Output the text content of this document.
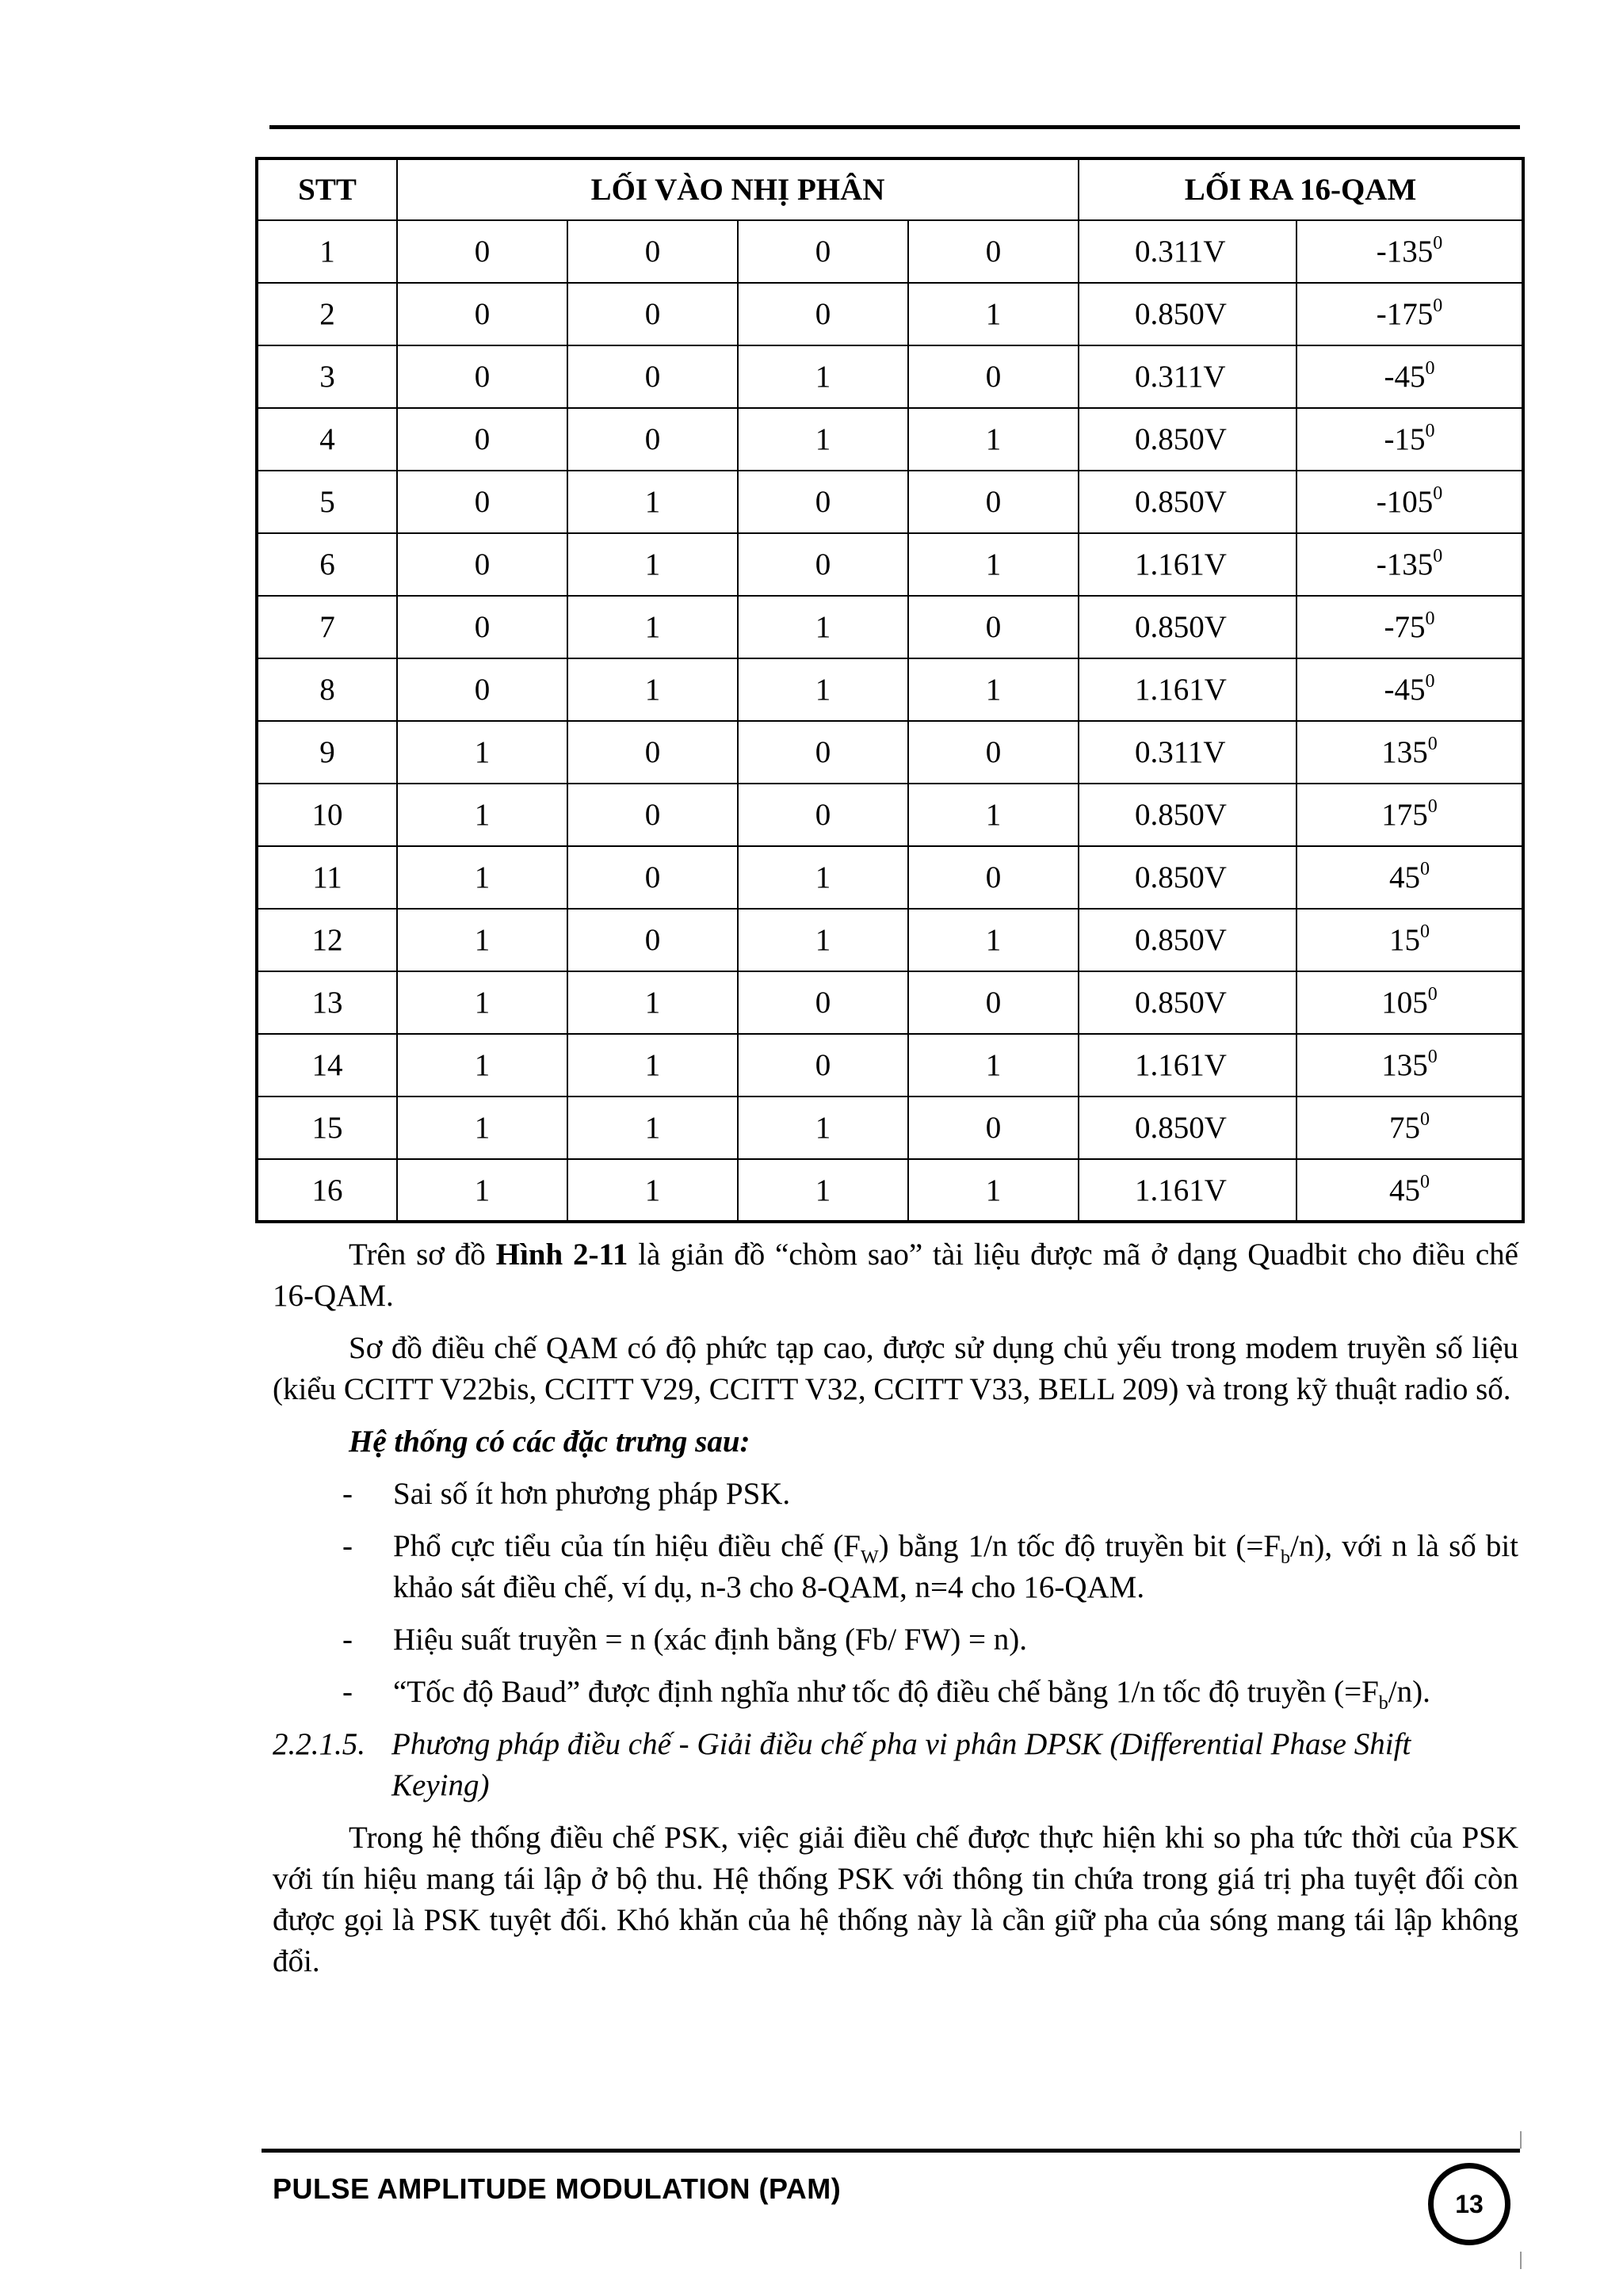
STT	LỐI VÀO NHỊ PHÂN				LỐI RA 16-QAM	
1	0	0	0	0	0.311V	$-135^0$
2	0	0	0	1	0.850V	$-175^0$
3	0	0	1	0	0.311V	$-45^0$
4	0	0	1	1	0.850V	$-15^0$
5	0	1	0	0	0.850V	$-105^0$
6	0	1	0	1	1.161V	$-135^0$
7	0	1	1	0	0.850V	$-75^0$
8	0	1	1	1	1.161V	$-45^0$
9	1	0	0	0	0.311V	$135^0$
10	1	0	0	1	0.850V	$175^0$
11	1	0	1	0	0.850V	$45^0$
12	1	0	1	1	0.850V	$15^0$
13	1	1	0	0	0.850V	$105^0$
14	1	1	0	1	1.161V	$135^0$
15	1	1	1	0	0.850V	$75^0$
16	1	1	1	1	1.161V	$45^0$

Trên sơ đồ Hình 2-11 là giản đồ “chòm sao” tài liệu được mã ở dạng Quadbit cho điều chế 16-QAM.

Sơ đồ điều chế QAM có độ phức tạp cao, được sử dụng chủ yếu trong modem truyền số liệu (kiểu CCITT V22bis, CCITT V29, CCITT V32, CCITT V33, BELL 209) và trong kỹ thuật radio số.

Hệ thống có các đặc trưng sau:

- Sai số ít hơn phương pháp PSK.
- Phổ cực tiểu của tín hiệu điều chế $(F_W)$ bằng 1/n tốc độ truyền bit $(=F_b/n)$, với n là số bit khảo sát điều chế, ví dụ, n-3 cho 8-QAM, n=4 cho 16-QAM.
- Hiệu suất truyền = n (xác định bằng (Fb/ FW) = n).
- “Tốc độ Baud” được định nghĩa như tốc độ điều chế bằng 1/n tốc độ truyền $(=F_b/n)$.

2.2.1.5. Phương pháp điều chế - Giải điều chế pha vi phân DPSK (Differential Phase Shift
Keying)

Trong hệ thống điều chế PSK, việc giải điều chế được thực hiện khi so pha tức thời của PSK với tín hiệu mang tái lập ở bộ thu. Hệ thống PSK với thông tin chứa trong giá trị pha tuyệt đối còn được gọi là PSK tuyệt đối. Khó khăn của hệ thống này là cần giữ pha của sóng mang tái lập không đổi.

PULSE AMPLITUDE MODULATION (PAM)	13
